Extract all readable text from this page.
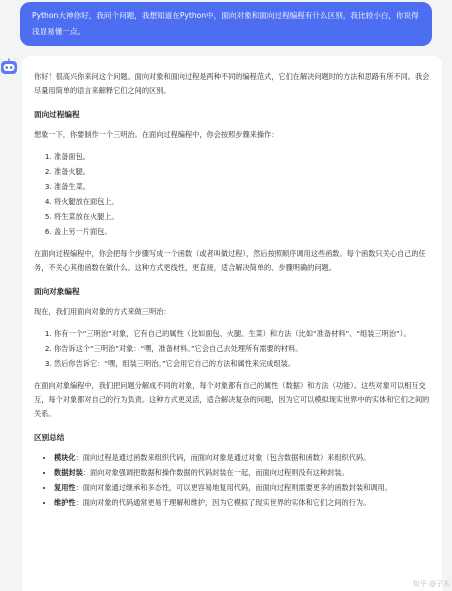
Python大神你好，我问个问题，我想知道在Python中，面向对象和面向过程编程有什么区别，我比较小白，你说得浅显易懂一点。

你好！很高兴你来问这个问题。面向对象和面向过程是两种不同的编程范式，它们在解决问题时的方法和思路有所不同。我会尽量用简单的语言来解释它们之间的区别。

面向过程编程

想象一下，你要制作一个三明治。在面向过程编程中，你会按照步骤来操作：

1. 准备面包。
2. 准备火腿。
3. 准备生菜。
4. 将火腿放在面包上。
5. 将生菜放在火腿上。
6. 盖上另一片面包。

在面向过程编程中，你会把每个步骤写成一个函数（或者叫做过程），然后按照顺序调用这些函数。每个函数只关心自己的任务，不关心其他函数在做什么。这种方式更线性，更直接，适合解决简单的、步骤明确的问题。

面向对象编程

现在，我们用面向对象的方式来做三明治：

1. 你有一个“三明治”对象，它有自己的属性（比如面包、火腿、生菜）和方法（比如“准备材料”、“组装三明治”）。
2. 你告诉这个“三明治”对象：“嘿，准备材料。”它会自己去处理所有需要的材料。
3. 然后你告诉它：“嘿，组装三明治。”它会用它自己的方法和属性来完成组装。

在面向对象编程中，我们把问题分解成不同的对象，每个对象都有自己的属性（数据）和方法（功能）。这些对象可以相互交互，每个对象都对自己的行为负责。这种方式更灵活，适合解决复杂的问题，因为它可以模拟现实世界中的实体和它们之间的关系。

区别总结
• 模块化：面向过程是通过函数来组织代码，而面向对象是通过对象（包含数据和函数）来组织代码。
• 数据封装：面向对象强调把数据和操作数据的代码封装在一起，而面向过程则没有这种封装。
• 复用性：面向对象通过继承和多态性，可以更容易地复用代码，而面向过程则需要更多的函数封装和调用。
• 维护性：面向对象的代码通常更易于理解和维护，因为它模拟了现实世界的实体和它们之间的行为。
知乎 @子木
